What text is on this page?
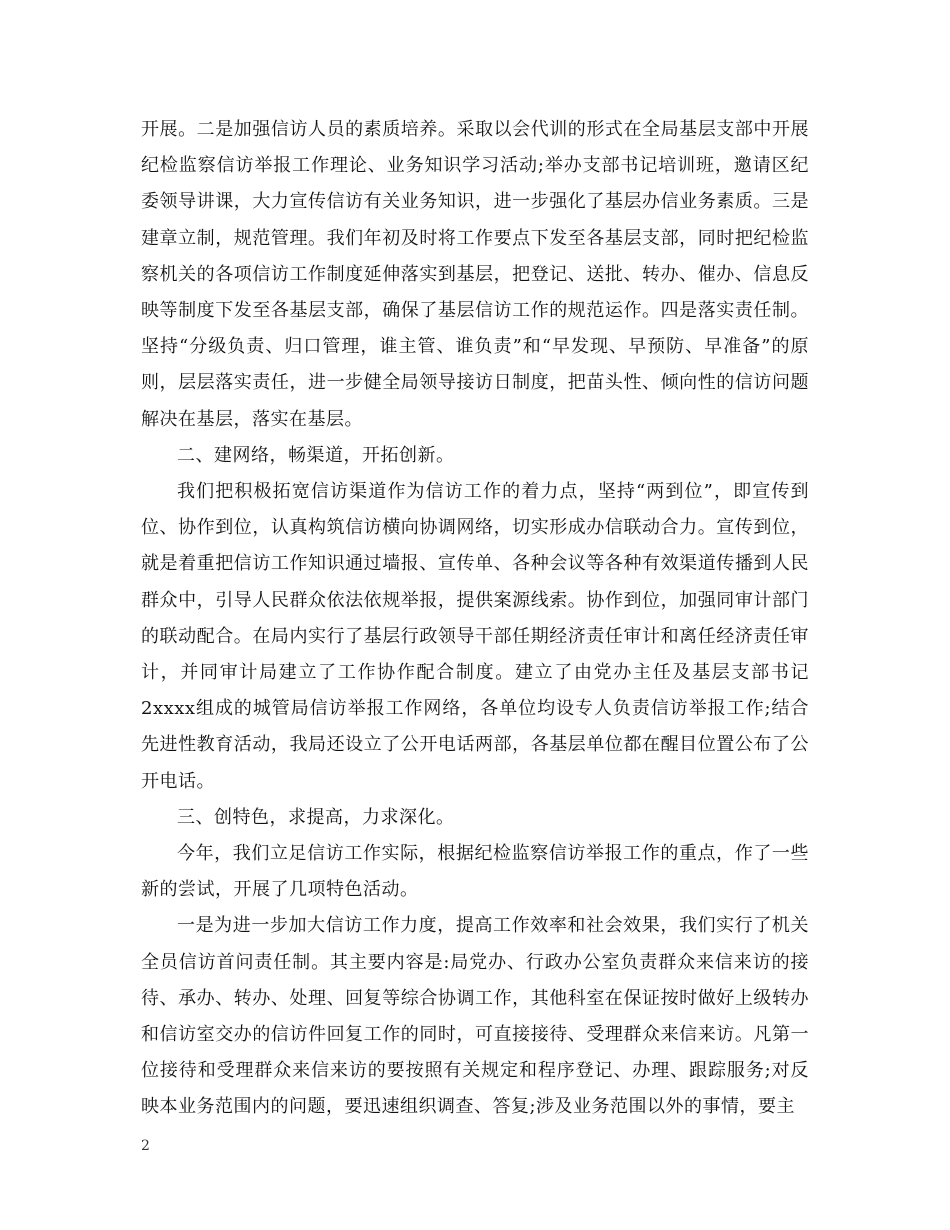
开展。二是加强信访人员的素质培养。采取以会代训的形式在全局基层支部中开展纪检监察信访举报工作理论、业务知识学习活动;举办支部书记培训班，邀请区纪委领导讲课，大力宣传信访有关业务知识，进一步强化了基层办信业务素质。三是建章立制，规范管理。我们年初及时将工作要点下发至各基层支部，同时把纪检监察机关的各项信访工作制度延伸落实到基层，把登记、送批、转办、催办、信息反映等制度下发至各基层支部，确保了基层信访工作的规范运作。四是落实责任制。坚持“分级负责、归口管理，谁主管、谁负责”和“早发现、早预防、早准备”的原则，层层落实责任，进一步健全局领导接访日制度，把苗头性、倾向性的信访问题解决在基层，落实在基层。

二、建网络，畅渠道，开拓创新。

我们把积极拓宽信访渠道作为信访工作的着力点，坚持“两到位”，即宣传到位、协作到位，认真构筑信访横向协调网络，切实形成办信联动合力。宣传到位，就是着重把信访工作知识通过墙报、宣传单、各种会议等各种有效渠道传播到人民群众中，引导人民群众依法依规举报，提供案源线索。协作到位，加强同审计部门的联动配合。在局内实行了基层行政领导干部任期经济责任审计和离任经济责任审计，并同审计局建立了工作协作配合制度。建立了由党办主任及基层支部书记2xxxx组成的城管局信访举报工作网络，各单位均设专人负责信访举报工作;结合先进性教育活动，我局还设立了公开电话两部，各基层单位都在醒目位置公布了公开电话。

三、创特色，求提高，力求深化。

今年，我们立足信访工作实际，根据纪检监察信访举报工作的重点，作了一些新的尝试，开展了几项特色活动。

一是为进一步加大信访工作力度，提高工作效率和社会效果，我们实行了机关全员信访首问责任制。其主要内容是:局党办、行政办公室负责群众来信来访的接待、承办、转办、处理、回复等综合协调工作，其他科室在保证按时做好上级转办和信访室交办的信访件回复工作的同时，可直接接待、受理群众来信来访。凡第一位接待和受理群众来信来访的要按照有关规定和程序登记、办理、跟踪服务;对反映本业务范围内的问题，要迅速组织调查、答复;涉及业务范围以外的事情，要主

2
